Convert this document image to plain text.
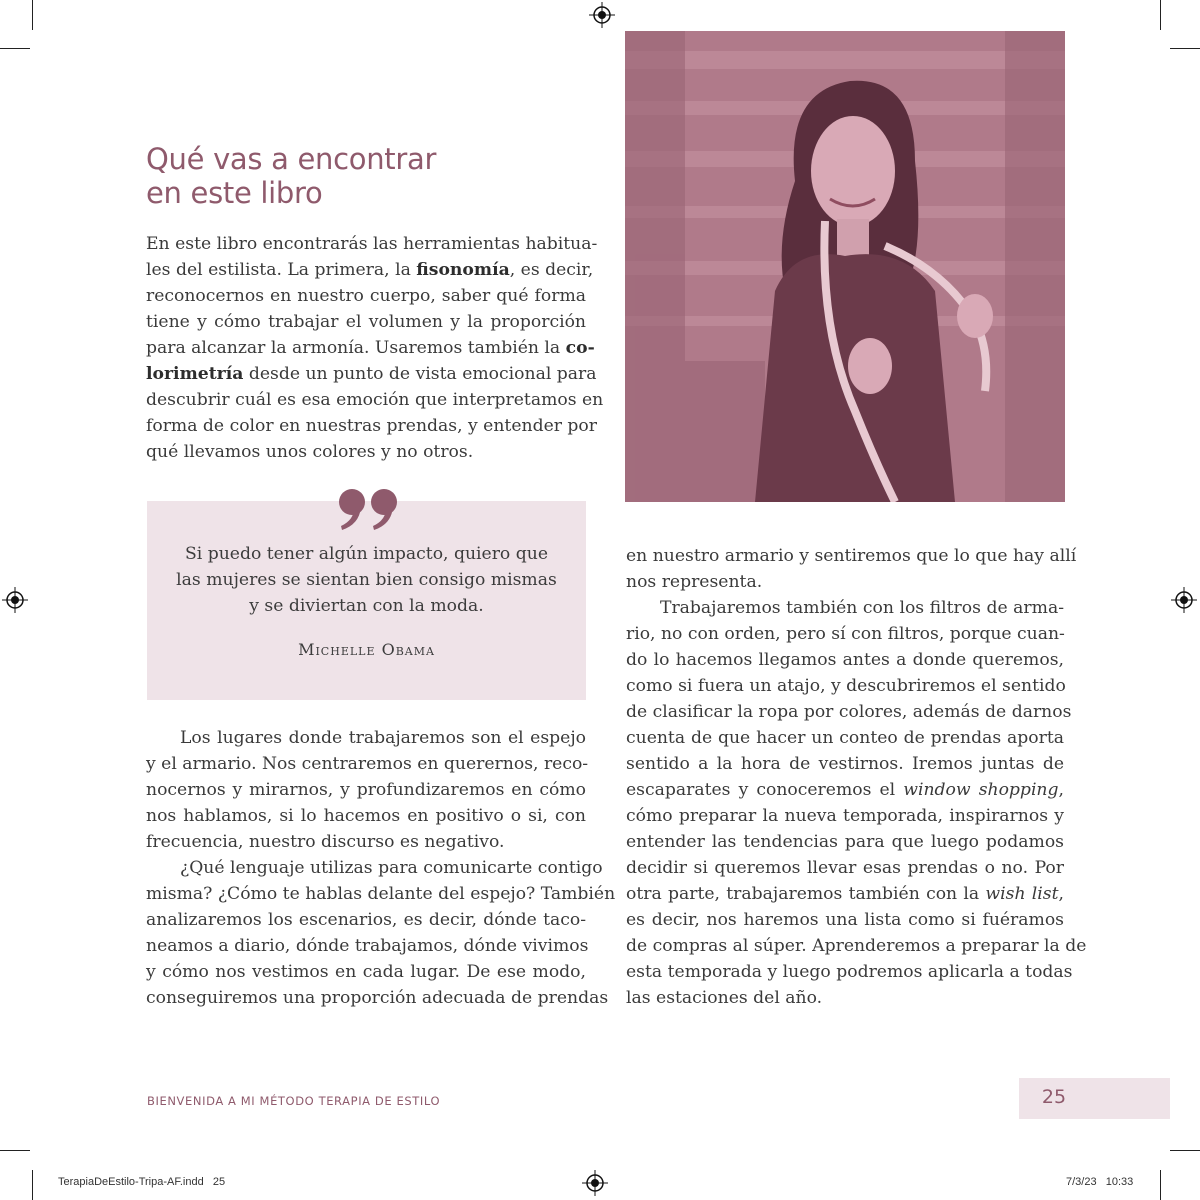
Qué vas a encontrar
en este libro
En este libro encontrarás las herramientas habitua-
les del estilista. La primera, la fisonomía, es decir,
reconocernos en nuestro cuerpo, saber qué forma
tiene y cómo trabajar el volumen y la proporción
para alcanzar la armonía. Usaremos también la co-
lorimetría desde un punto de vista emocional para
descubrir cuál es esa emoción que interpretamos en
forma de color en nuestras prendas, y entender por
qué llevamos unos colores y no otros.
Si puedo tener algún impacto, quiero que
las mujeres se sientan bien consigo mismas
y se diviertan con la moda.
Michelle Obama
Los lugares donde trabajaremos son el espejo
y el armario. Nos centraremos en querernos, reco-
nocernos y mirarnos, y profundizaremos en cómo
nos hablamos, si lo hacemos en positivo o si, con
frecuencia, nuestro discurso es negativo.
¿Qué lenguaje utilizas para comunicarte contigo
misma? ¿Cómo te hablas delante del espejo? También
analizaremos los escenarios, es decir, dónde taco-
neamos a diario, dónde trabajamos, dónde vivimos
y cómo nos vestimos en cada lugar. De ese modo,
conseguiremos una proporción adecuada de prendas
en nuestro armario y sentiremos que lo que hay allí
nos representa.
Trabajaremos también con los filtros de arma-
rio, no con orden, pero sí con filtros, porque cuan-
do lo hacemos llegamos antes a donde queremos,
como si fuera un atajo, y descubriremos el sentido
de clasificar la ropa por colores, además de darnos
cuenta de que hacer un conteo de prendas aporta
sentido a la hora de vestirnos. Iremos juntas de
escaparates y conoceremos el window shopping,
cómo preparar la nueva temporada, inspirarnos y
entender las tendencias para que luego podamos
decidir si queremos llevar esas prendas o no. Por
otra parte, trabajaremos también con la wish list,
es decir, nos haremos una lista como si fuéramos
de compras al súper. Aprenderemos a preparar la de
esta temporada y luego podremos aplicarla a todas
las estaciones del año.
BIENVENIDA A MI MÉTODO TERAPIA DE ESTILO	25
TerapiaDeEstilo-Tripa-AF.indd   25	7/3/23   10:33
